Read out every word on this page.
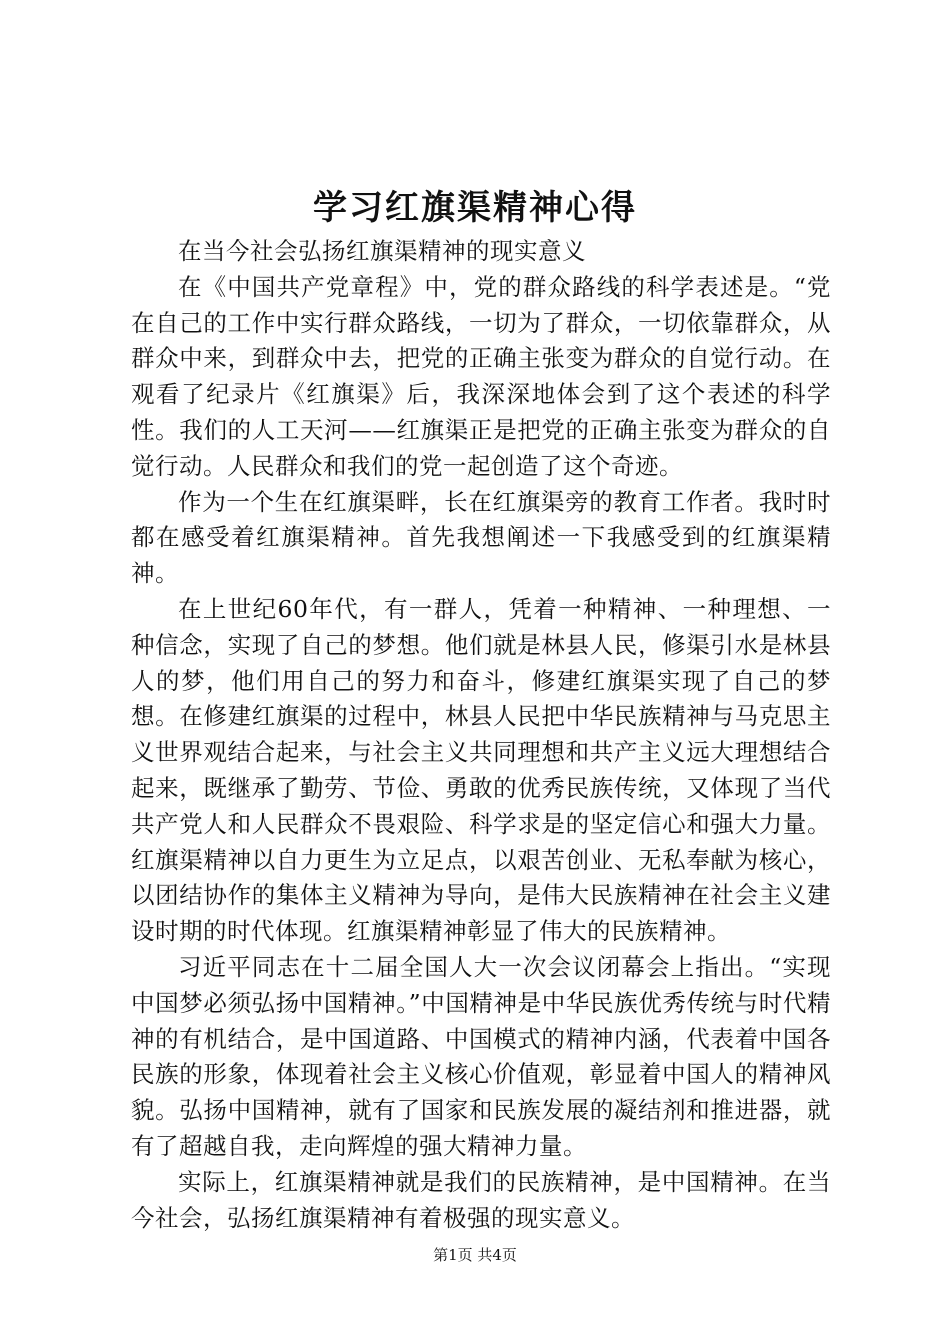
学习红旗渠精神心得

在当今社会弘扬红旗渠精神的现实意义

在《中国共产党章程》中，党的群众路线的科学表述是。“党在自己的工作中实行群众路线，一切为了群众，一切依靠群众，从群众中来，到群众中去，把党的正确主张变为群众的自觉行动。在观看了纪录片《红旗渠》后，我深深地体会到了这个表述的科学性。我们的人工天河——红旗渠正是把党的正确主张变为群众的自觉行动。人民群众和我们的党一起创造了这个奇迹。

作为一个生在红旗渠畔，长在红旗渠旁的教育工作者。我时时都在感受着红旗渠精神。首先我想阐述一下我感受到的红旗渠精神。

在上世纪60年代，有一群人，凭着一种精神、一种理想、一种信念，实现了自己的梦想。他们就是林县人民，修渠引水是林县人的梦，他们用自己的努力和奋斗，修建红旗渠实现了自己的梦想。在修建红旗渠的过程中，林县人民把中华民族精神与马克思主义世界观结合起来，与社会主义共同理想和共产主义远大理想结合起来，既继承了勤劳、节俭、勇敢的优秀民族传统，又体现了当代共产党人和人民群众不畏艰险、科学求是的坚定信心和强大力量。红旗渠精神以自力更生为立足点，以艰苦创业、无私奉献为核心，以团结协作的集体主义精神为导向，是伟大民族精神在社会主义建设时期的时代体现。红旗渠精神彰显了伟大的民族精神。

习近平同志在十二届全国人大一次会议闭幕会上指出。“实现中国梦必须弘扬中国精神。”中国精神是中华民族优秀传统与时代精神的有机结合，是中国道路、中国模式的精神内涵，代表着中国各民族的形象，体现着社会主义核心价值观，彰显着中国人的精神风貌。弘扬中国精神，就有了国家和民族发展的凝结剂和推进器，就有了超越自我，走向辉煌的强大精神力量。

实际上，红旗渠精神就是我们的民族精神，是中国精神。在当今社会，弘扬红旗渠精神有着极强的现实意义。

第1页 共4页
